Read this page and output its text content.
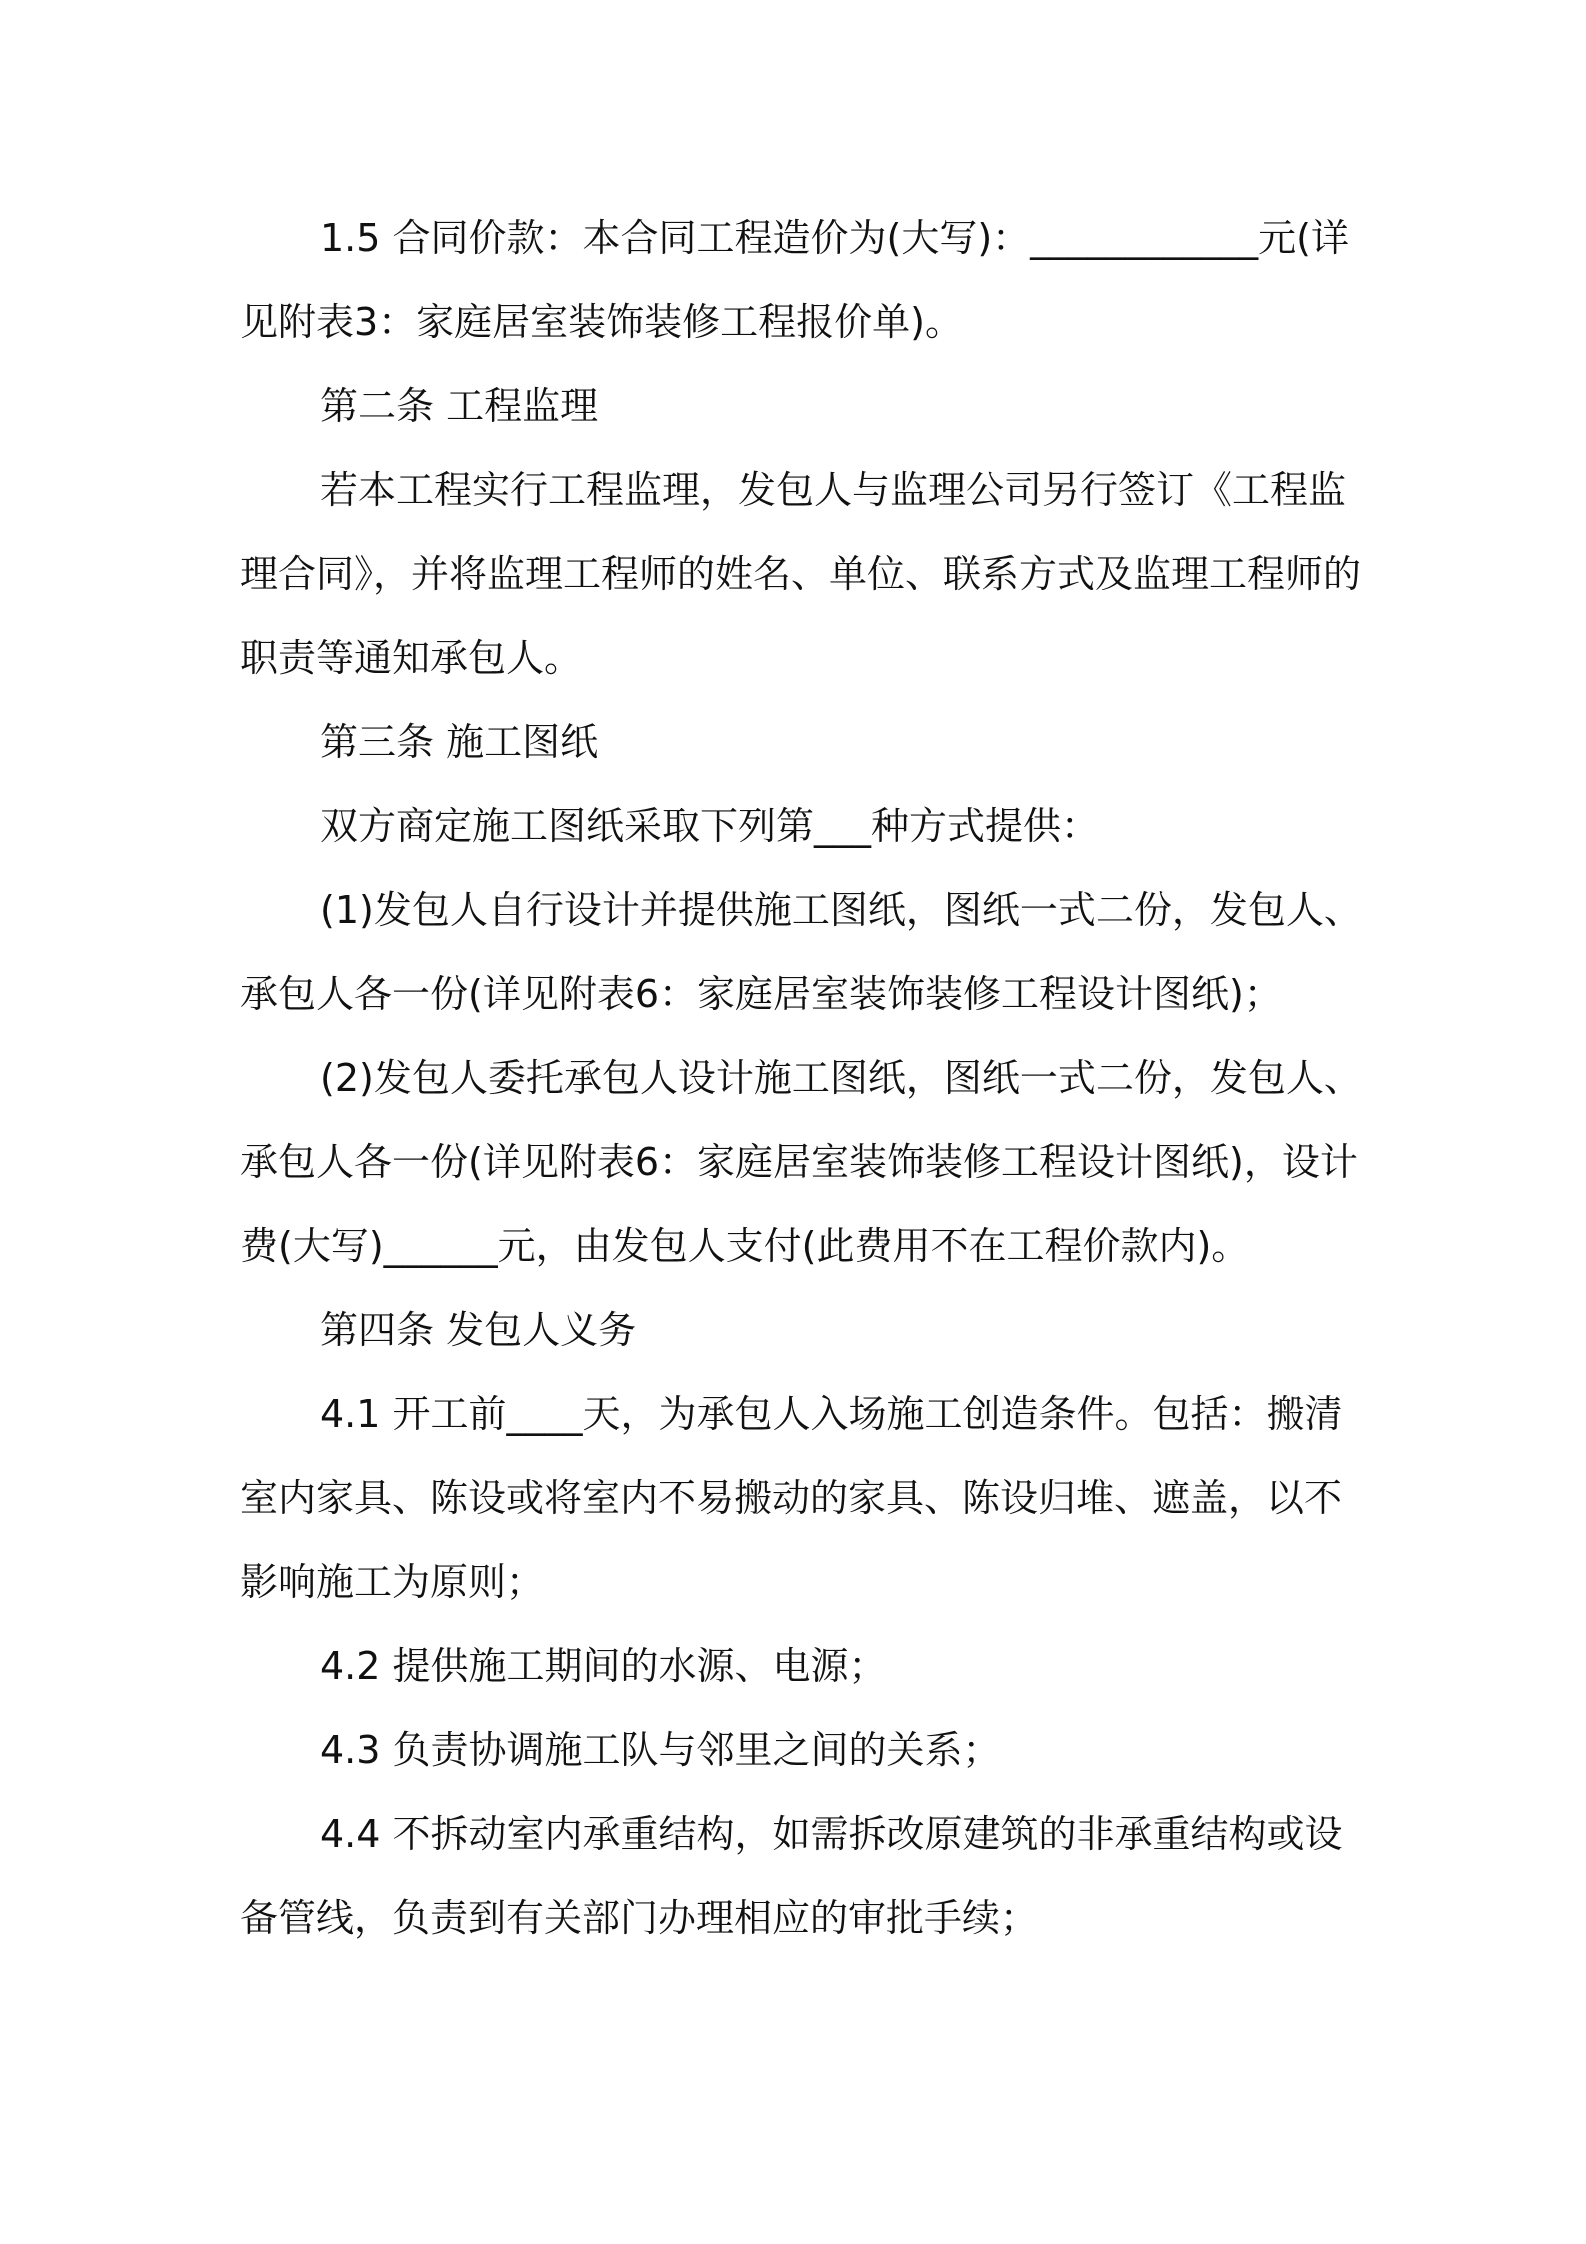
1.5 合同价款：本合同工程造价为(大写)：____________元(详见附表3：家庭居室装饰装修工程报价单)。

第二条 工程监理

若本工程实行工程监理，发包人与监理公司另行签订《工程监理合同》，并将监理工程师的姓名、单位、联系方式及监理工程师的职责等通知承包人。

第三条 施工图纸

双方商定施工图纸采取下列第___种方式提供：

(1)发包人自行设计并提供施工图纸，图纸一式二份，发包人、承包人各一份(详见附表6：家庭居室装饰装修工程设计图纸)；

(2)发包人委托承包人设计施工图纸，图纸一式二份，发包人、承包人各一份(详见附表6：家庭居室装饰装修工程设计图纸)，设计费(大写)______元，由发包人支付(此费用不在工程价款内)。

第四条 发包人义务

4.1 开工前____天，为承包人入场施工创造条件。包括：搬清室内家具、陈设或将室内不易搬动的家具、陈设归堆、遮盖，以不影响施工为原则；

4.2 提供施工期间的水源、电源；

4.3 负责协调施工队与邻里之间的关系；

4.4 不拆动室内承重结构，如需拆改原建筑的非承重结构或设备管线，负责到有关部门办理相应的审批手续；
